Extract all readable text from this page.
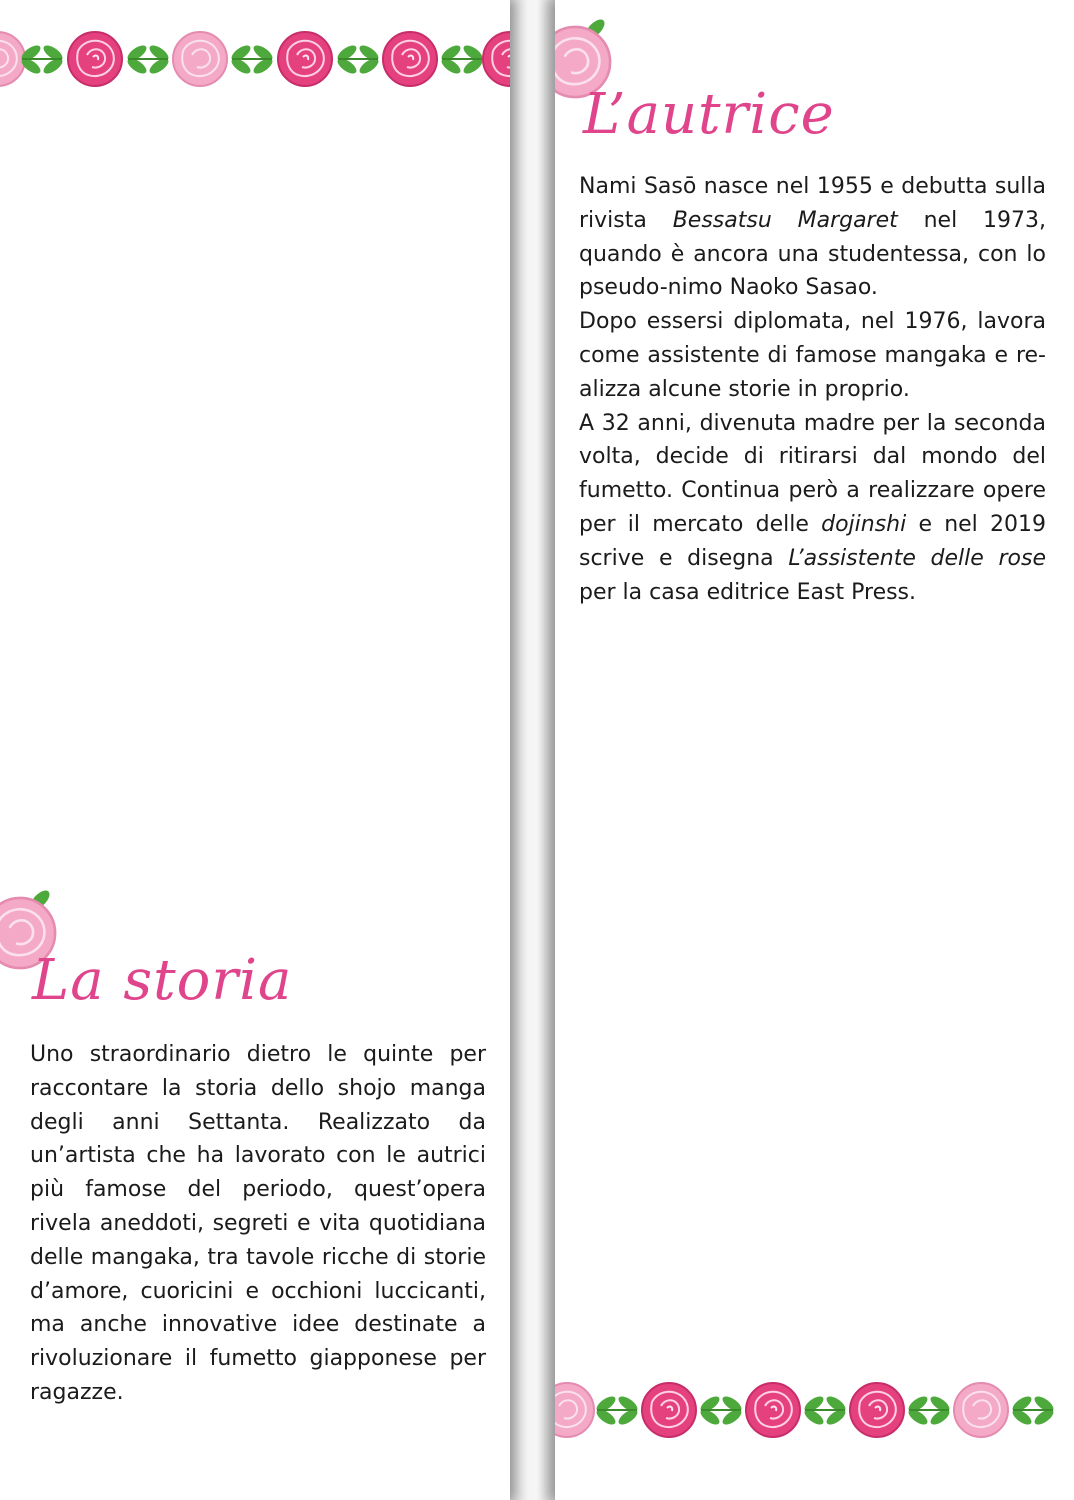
La storia

Uno straordinario dietro le quinte per raccontare la storia dello shojo manga degli anni Settanta. Realizzato da un’artista che ha lavorato con le autrici più famose del periodo, quest’opera rivela aneddoti, segreti e vita quotidiana delle mangaka, tra tavole ricche di storie d’amore, cuoricini e occhioni luccicanti, ma anche innovative idee destinate a rivoluzionare il fumetto giapponese per ragazze.

L’autrice

Nami Sasō nasce nel 1955 e debutta sulla rivista Bessatsu Margaret nel 1973, quando è ancora una studentessa, con lo pseudo-nimo Naoko Sasao.

Dopo essersi diplomata, nel 1976, lavora come assistente di famose mangaka e re-alizza alcune storie in proprio.

A 32 anni, divenuta madre per la seconda volta, decide di ritirarsi dal mondo del fumetto. Continua però a realizzare opere per il mercato delle dojinshi e nel 2019 scrive e disegna L’assistente delle rose per la casa editrice East Press.
